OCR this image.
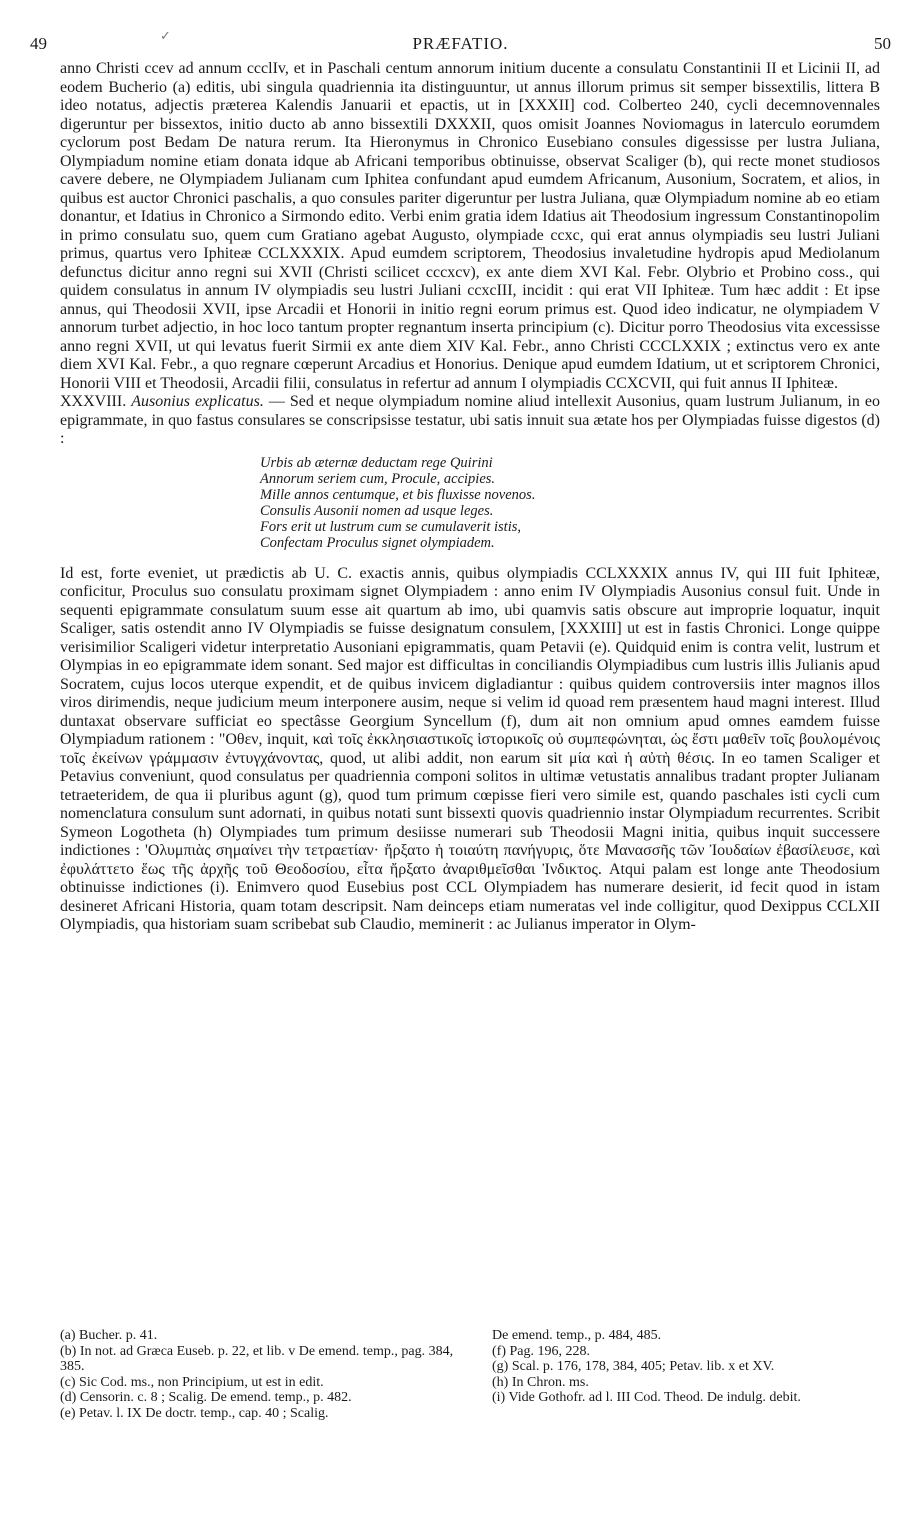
49	✓	PRÆFATIO.	50

anno Christi ccev ad annum ccclIv, et in Paschali centum annorum initium ducente a consulatu Constantinii II et Licinii II, ad eodem Bucherio (a) editis, ubi singula quadriennia ita distinguuntur, ut annus illorum primus sit semper bissextilis, littera B ideo notatus, adjectis præterea Kalendis Januarii et epactis, ut in [XXXII] cod. Colberteo 240, cycli decemnovennales digeruntur per bissextos, initio ducto ab anno bissextili DXXXII, quos omisit Joannes Noviomagus in laterculo eorumdem cyclorum post Bedam De natura rerum. Ita Hieronymus in Chronico Eusebiano consules digessisse per lustra Juliana, Olympiadum nomine etiam donata idque ab Africani temporibus obtinuisse, observat Scaliger (b), qui recte monet studiosos cavere debere, ne Olympiadem Julianam cum Iphitea confundant apud eumdem Africanum, Ausonium, Socratem, et alios, in quibus est auctor Chronici paschalis, a quo consules pariter digeruntur per lustra Juliana, quæ Olympiadum nomine ab eo etiam donantur, et Idatius in Chronico a Sirmondo edito. Verbi enim gratia idem Idatius ait Theodosium ingressum Constantinopolim in primo consulatu suo, quem cum Gratiano agebat Augusto, olympiade ccxc, qui erat annus olympiadis seu lustri Juliani primus, quartus vero Iphiteæ CCLXXXIX. Apud eumdem scriptorem, Theodosius invaletudine hydropis apud Mediolanum defunctus dicitur anno regni sui XVII (Christi scilicet cccxcv), ex ante diem XVI Kal. Febr. Olybrio et Probino coss., qui quidem consulatus in annum IV olympiadis seu lustri Juliani ccxcIII, incidit : qui erat VII Iphiteæ. Tum hæc addit : Et ipse annus, qui Theodosii XVII, ipse Arcadii et Honorii in initio regni eorum primus est. Quod ideo indicatur, ne olympiadem V annorum turbet adjectio, in hoc loco tantum propter regnantum inserta principium (c). Dicitur porro Theodosius vita excessisse anno regni XVII, ut qui levatus fuerit Sirmii ex ante diem XIV Kal. Febr., anno Christi CCCLXXIX ; extinctus vero ex ante diem XVI Kal. Febr., a quo regnare cœperunt Arcadius et Honorius. Denique apud eumdem Idatium, ut et scriptorem Chronici, Honorii VIII et Theodosii, Arcadii filii, consulatus in refertur ad annum I olympiadis CCXCVII, qui fuit annus II Iphiteæ.

XXXVIII. Ausonius explicatus. — Sed et neque olympiadum nomine aliud intellexit Ausonius, quam lustrum Julianum, in eo epigrammate, in quo fastus consulares se conscripsisse testatur, ubi satis innuit sua ætate hos per Olympiadas fuisse digestos (d) :

Urbis ab æternæ deductam rege Quirini
Annorum seriem cum, Procule, accipies.
Mille annos centumque, et bis fluxisse novenos.
Consulis Ausonii nomen ad usque leges.
Fors erit ut lustrum cum se cumulaverit istis,
Confectam Proculus signet olympiadem.

Id est, forte eveniet, ut prædictis ab U. C. exactis annis, quibus olympiadis CCLXXXIX annus IV, qui III fuit Iphiteæ, conficitur, Proculus suo consulatu proximam signet Olympiadem : anno enim IV Olympiadis Ausonius consul fuit. Unde in sequenti epigrammate consulatum suum esse ait quartum ab imo, ubi quamvis satis obscure aut improprie loquatur, inquit Scaliger, satis ostendit anno IV Olympiadis se fuisse designatum consulem, [XXXIII] ut est in fastis Chronici. Longe quippe verisimilior Scaligeri videtur interpretatio Ausoniani epigrammatis, quam Petavii (e). Quidquid enim is contra velit, lustrum et Olympias in eo epigrammate idem sonant. Sed major est difficultas in conciliandis Olympiadibus cum lustris illis Julianis apud Socratem, cujus locos uterque expendit, et de quibus invicem digladiantur : quibus quidem controversiis inter magnos illos viros dirimendis, neque judicium meum interponere ausim, neque si velim id quoad rem præsentem haud magni interest. Illud duntaxat observare sufficiat eo spectâsse Georgium Syncellum (f), dum ait non omnium apud omnes eamdem fuisse Olympiadum rationem : "Οθεν, inquit, καὶ τοῖς ἐκκλησιαστικοῖς ἱστορικοῖς οὐ συμπεφώνηται, ὡς ἔστι μαθεῖν τοῖς βουλομένοις τοῖς ἐκείνων γράμμασιν ἐντυγχάνοντας, quod, ut alibi addit, non earum sit μία καὶ ἡ αὐτὴ θέσις. In eo tamen Scaliger et Petavius conveniunt, quod consulatus per quadriennia componi solitos in ultimæ vetustatis annalibus tradant propter Julianam tetraeteridem, de qua ii pluribus agunt (g), quod tum primum cœpisse fieri vero simile est, quando paschales isti cycli cum nomenclatura consulum sunt adornati, in quibus notati sunt bissexti quovis quadriennio instar Olympiadum recurrentes. Scribit Symeon Logotheta (h) Olympiades tum primum desiisse numerari sub Theodosii Magni initia, quibus inquit successere indictiones : 'Ολυμπιὰς σημαίνει τὴν τετραετίαν· ἤρξατο ἡ τοιαύτη πανήγυρις, ὅτε Μανασσῆς τῶν Ἰουδαίων ἐβασίλευσε, καὶ ἐφυλάττετο ἕως τῆς ἀρχῆς τοῦ Θεοδοσίου, εἶτα ἤρξατο ἀναριθμεῖσθαι Ἰνδικτος. Atqui palam est longe ante Theodosium obtinuisse indictiones (i). Enimvero quod Eusebius post CCL Olympiadem has numerare desierit, id fecit quod in istam desineret Africani Historia, quam totam descripsit. Nam deinceps etiam numeratas vel inde colligitur, quod Dexippus CCLXII Olympiadis, qua historiam suam scribebat sub Claudio, meminerit : ac Julianus imperator in Olym-

(a) Bucher. p. 41.
(b) In not. ad Græca Euseb. p. 22, et lib. v De emend. temp., pag. 384, 385.
(c) Sic Cod. ms., non Principium, ut est in edit.
(d) Censorin. c. 8 ; Scalig. De emend. temp., p. 482.
(e) Petav. l. IX De doctr. temp., cap. 40 ; Scalig.
De emend. temp., p. 484, 485.
(f) Pag. 196, 228.
(g) Scal. p. 176, 178, 384, 405; Petav. lib. x et XV.
(h) In Chron. ms.
(i) Vide Gothofr. ad l. III Cod. Theod. De indulg. debit.
